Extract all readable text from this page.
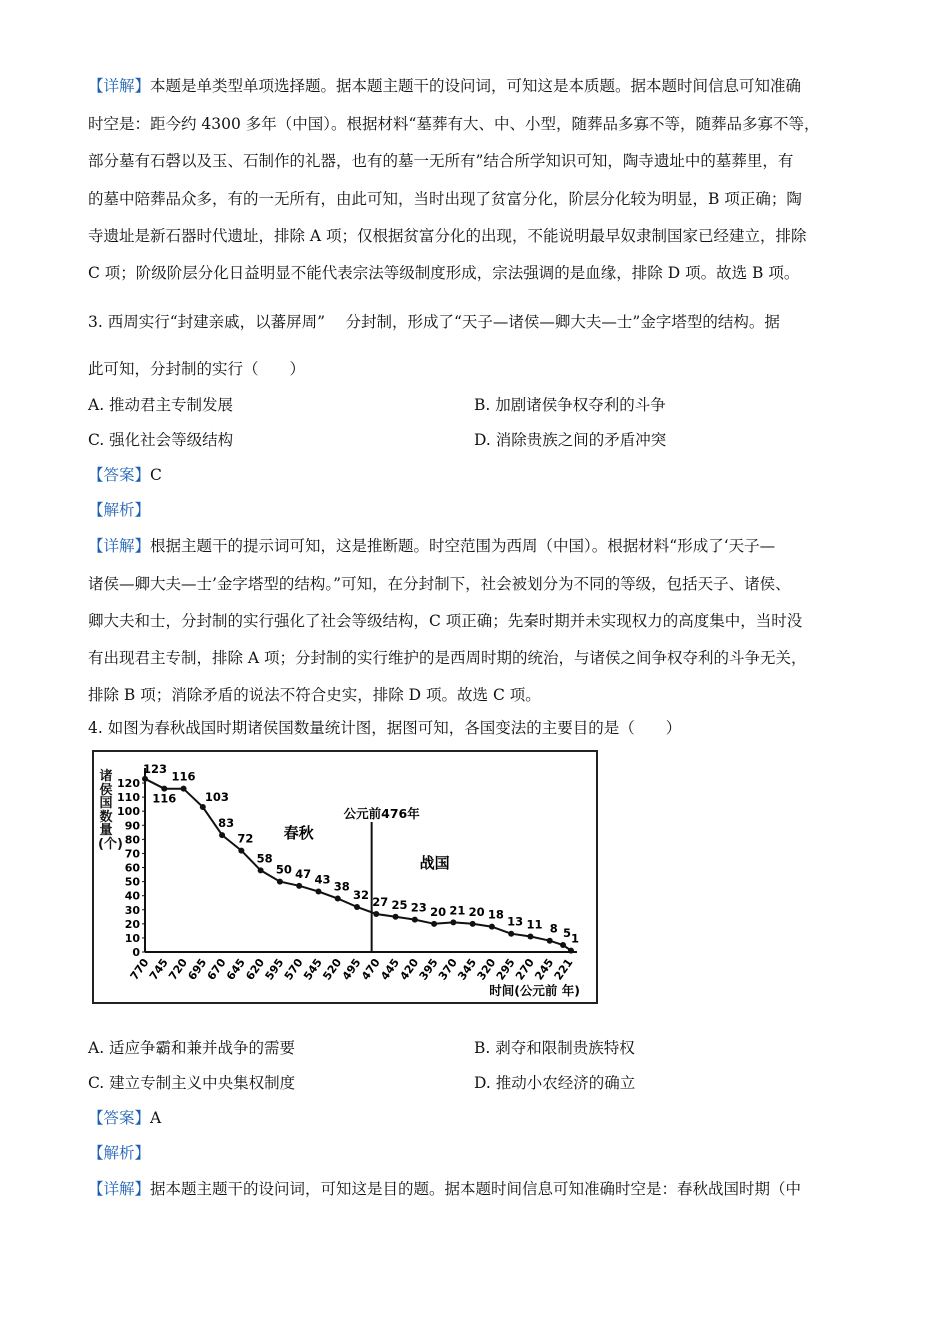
【详解】本题是单类型单项选择题。据本题主题干的设问词，可知这是本质题。据本题时间信息可知准确
时空是：距今约 4300 多年（中国）。根据材料“墓葬有大、中、小型，随葬品多寡不等，随葬品多寡不等，
部分墓有石磬以及玉、石制作的礼器，也有的墓一无所有”结合所学知识可知，陶寺遗址中的墓葬里，有
的墓中陪葬品众多，有的一无所有，由此可知，当时出现了贫富分化，阶层分化较为明显，B 项正确；陶
寺遗址是新石器时代遗址，排除 A 项；仅根据贫富分化的出现，不能说明最早奴隶制国家已经建立，排除
C 项；阶级阶层分化日益明显不能代表宗法等级制度形成，宗法强调的是血缘，排除 D 项。故选 B 项。
3. 西周实行“封建亲戚，以蕃屏周”　 分封制，形成了“天子—诸侯—卿大夫—士”金字塔型的结构。据
此可知，分封制的实行（　　）
A. 推动君主专制发展	B. 加剧诸侯争权夺利的斗争
C. 强化社会等级结构	D. 消除贵族之间的矛盾冲突
【答案】C
【解析】
【详解】根据主题干的提示词可知，这是推断题。时空范围为西周（中国）。根据材料“形成了‘天子—
诸侯—卿大夫—士’金字塔型的结构。”可知，在分封制下，社会被划分为不同的等级，包括天子、诸侯、
卿大夫和士，分封制的实行强化了社会等级结构，C 项正确；先秦时期并未实现权力的高度集中，当时没
有出现君主专制，排除 A 项；分封制的实行维护的是西周时期的统治，与诸侯之间争权夺利的斗争无关，
排除 B 项；消除矛盾的说法不符合史实，排除 D 项。故选 C 项。
4. 如图为春秋战国时期诸侯国数量统计图，据图可知，各国变法的主要目的是（　　）
0
10
20
30
40
50
60
70
80
90
100
110
120
770
745
720
695
670
645
620
595
570
545
520
495
470
445
420
395
370
345
320
295
270
245
221
123
116
116
103
83
72
58
50 47 43
38
32
27 25 23 20 21 20 18
13 11 8 5 1
公元前476年
春秋
战国
时间(公元前 年)
诸侯国数量(个)
A. 适应争霸和兼并战争的需要	B. 剥夺和限制贵族特权
C. 建立专制主义中央集权制度	D. 推动小农经济的确立
【答案】A
【解析】
【详解】据本题主题干的设问词，可知这是目的题。据本题时间信息可知准确时空是：春秋战国时期（中
